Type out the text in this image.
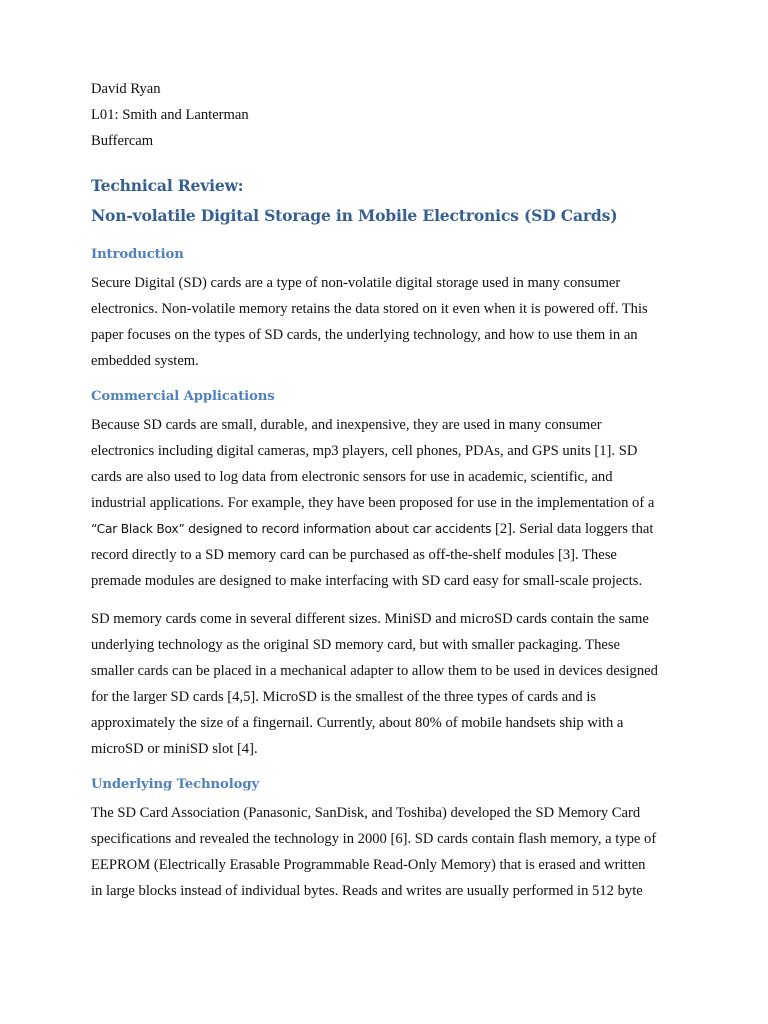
David Ryan
L01: Smith and Lanterman
Buffercam
Technical Review:
Non-volatile Digital Storage in Mobile Electronics (SD Cards)
Introduction

Secure Digital (SD) cards are a type of non-volatile digital storage used in many consumer
electronics. Non-volatile memory retains the data stored on it even when it is powered off. This
paper focuses on the types of SD cards, the underlying technology, and how to use them in an
embedded system.

Commercial Applications

Because SD cards are small, durable, and inexpensive, they are used in many consumer
electronics including digital cameras, mp3 players, cell phones, PDAs, and GPS units [1]. SD
cards are also used to log data from electronic sensors for use in academic, scientific, and
industrial applications. For example, they have been proposed for use in the implementation of a
“Car Black Box” designed to record information about car accidents [2]. Serial data loggers that
record directly to a SD memory card can be purchased as off-the-shelf modules [3]. These
premade modules are designed to make interfacing with SD card easy for small-scale projects.

SD memory cards come in several different sizes. MiniSD and microSD cards contain the same
underlying technology as the original SD memory card, but with smaller packaging. These
smaller cards can be placed in a mechanical adapter to allow them to be used in devices designed
for the larger SD cards [4,5]. MicroSD is the smallest of the three types of cards and is
approximately the size of a fingernail. Currently, about 80% of mobile handsets ship with a
microSD or miniSD slot [4].

Underlying Technology

The SD Card Association (Panasonic, SanDisk, and Toshiba) developed the SD Memory Card
specifications and revealed the technology in 2000 [6]. SD cards contain flash memory, a type of
EEPROM (Electrically Erasable Programmable Read-Only Memory) that is erased and written
in large blocks instead of individual bytes. Reads and writes are usually performed in 512 byte
